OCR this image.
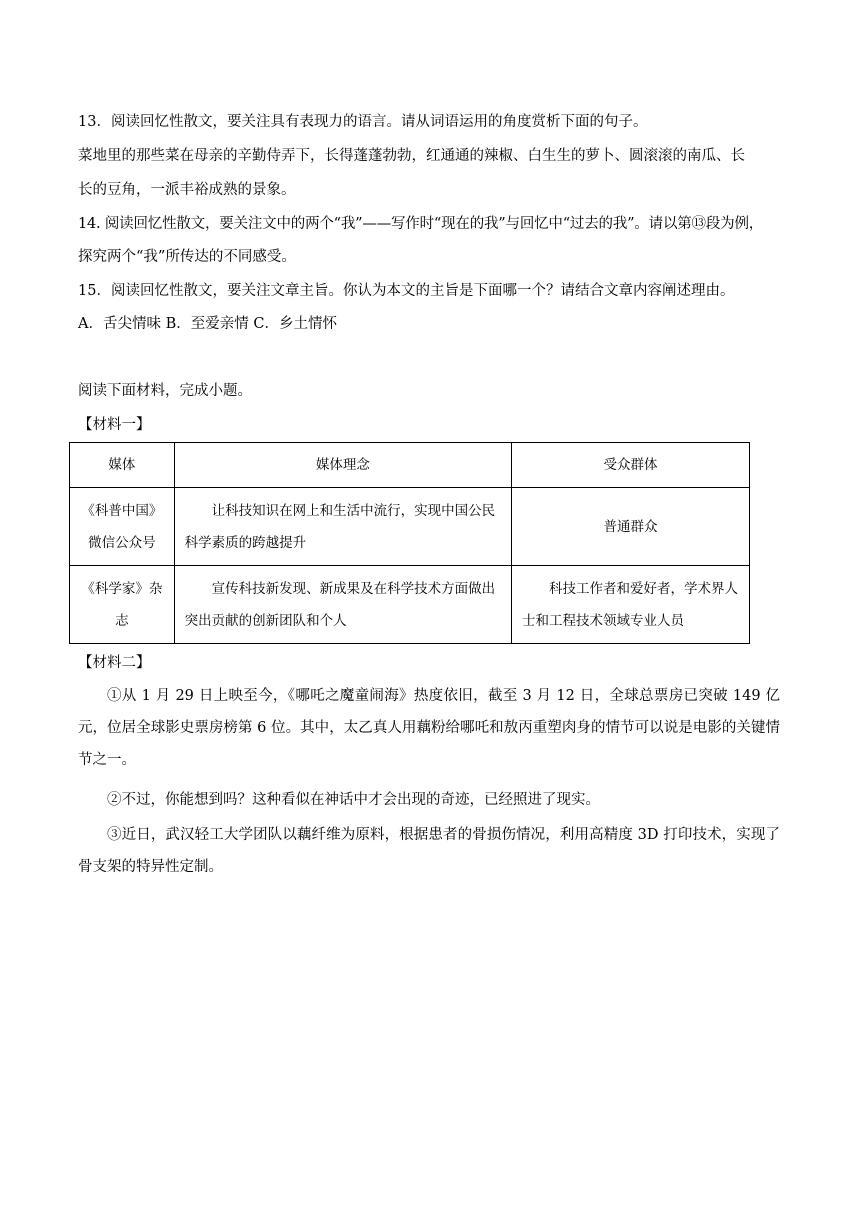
13．阅读回忆性散文，要关注具有表现力的语言。请从词语运用的角度赏析下面的句子。
菜地里的那些菜在母亲的辛勤侍弄下，长得蓬蓬勃勃，红通通的辣椒、白生生的萝卜、圆滚滚的南瓜、长
长的豆角，一派丰裕成熟的景象。
14. 阅读回忆性散文，要关注文中的两个“我”——写作时“现在的我”与回忆中“过去的我”。请以第⑬段为例，
探究两个“我”所传达的不同感受。
15．阅读回忆性散文，要关注文章主旨。你认为本文的主旨是下面哪一个？请结合文章内容阐述理由。
A．舌尖情味 B．至爱亲情 C．乡土情怀
阅读下面材料，完成小题。
【材料一】
媒体	媒体理念	受众群体
《科普中国》微信公众号	让科技知识在网上和生活中流行，实现中国公民科学素质的跨越提升	普通群众
《科学家》杂志	宣传科技新发现、新成果及在科学技术方面做出突出贡献的创新团队和个人	科技工作者和爱好者，学术界人士和工程技术领域专业人员
【材料二】
①从 1 月 29 日上映至今，《哪吒之魔童闹海》热度依旧，截至 3 月 12 日，全球总票房已突破 149 亿元，位居全球影史票房榜第 6 位。其中，太乙真人用藕粉给哪吒和敖丙重塑肉身的情节可以说是电影的关键情节之一。
②不过，你能想到吗？这种看似在神话中才会出现的奇迹，已经照进了现实。
③近日，武汉轻工大学团队以藕纤维为原料，根据患者的骨损伤情况，利用高精度 3D 打印技术，实现了骨支架的特异性定制。
